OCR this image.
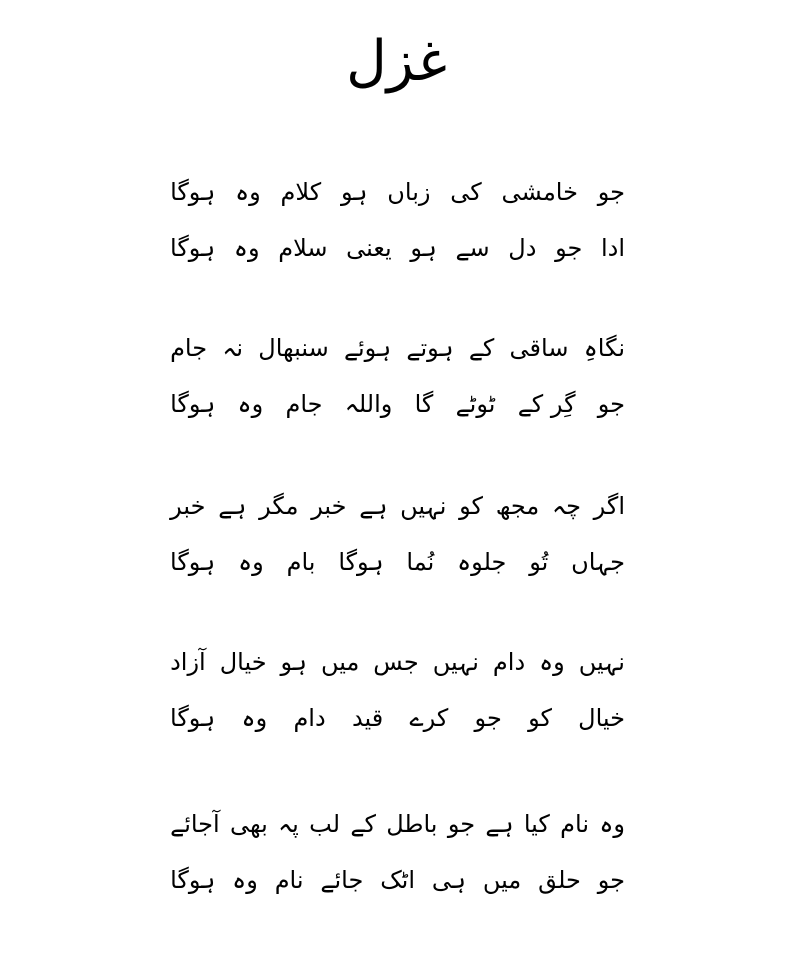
غزل
جو
خامشی
کی
زباں
ہو
کلام
وہ
ہوگا
ادا
جو
دل
سے
ہو
یعنی
سلام
وہ
ہوگا
نگاہِ
ساقی
کے
ہوتے
ہوئے
سنبھال
نہ
جام
جو
گِر کے
ٹوٹے
گا
واللہ
جام
وہ
ہوگا
اگر
چہ
مجھ
کو
نہیں
ہے
خبر
مگر
ہے
خبر
جہاں
تُو
جلوہ
نُما
ہوگا
بام
وہ
ہوگا
نہیں
وہ
دام
نہیں
جس
میں
ہو
خیال
آزاد
خیال
کو
جو
کرے
قید
دام
وہ
ہوگا
وہ
نام
کیا
ہے
جو
باطل
کے
لب
پہ
بھی
آجائے
جو
حلق
میں
ہی
اٹک
جائے
نام
وہ
ہوگا
